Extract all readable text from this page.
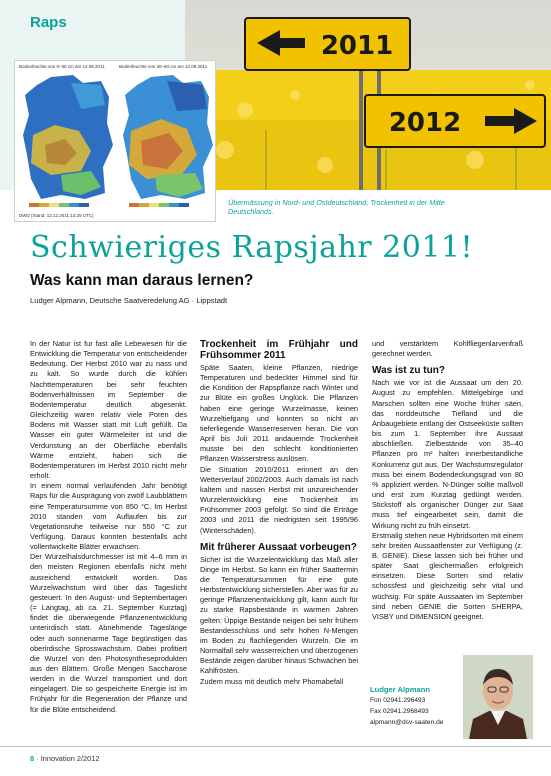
Raps
2011
2012
Bodenfeuchte von 0–30 cm am 12.08.2011	Bodenfeuchte von 30–60 cm am 12.08.2011
DWD (Stand: 12.12.2011 14:29 UTC)
Übermässung in Nord- und Ostdeutschland, Trockenheit in der Mitte Deutschlands.
Schwieriges Rapsjahr 2011!
Was kann man daraus lernen?
Ludger Alpmann, Deutsche Saatveredelung AG · Lippstadt

In der Natur ist fur fast alle Lebewesen für die Entwicklung die Temperatur von entscheidender Bedeutung. Der Herbst 2010 war zu nass und zu kalt. So wurde durch die kühlen Nachttemperaturen bei sehr feuchten Bodenverhältnissen im September die Bodentemperatur deutlich abgesenkt. Gleichzeitig waren relativ viele Poren des Bodens mit Wasser statt mit Luft gefüllt. Da Wasser ein guter Wärmeleiter ist und die Verdunstung an der Oberfläche ebenfalls Wärme entzieht, haben sich die Bodentemperaturen im Herbst 2010 nicht mehr erholt.

In einem normal verlaufenden Jahr benötigt Raps für die Ausprägung von zwölf Laubblättern eine Temperatursumme von 850 °C. Im Herbst 2010 standen vom Auflaufen bis zur Vegetationsruhe teilweise nur 550 °C zur Verfügung. Daraus konnten bestenfalls acht vollentwickelte Blätter erwachsen.

Der Wurzelhalsdurchmesser ist mit 4–6 mm in den meisten Regionen ebenfalls nicht mehr ausreichend entwickelt worden. Das Wurzelwachstum wird über das Tageslicht gesteuert. In den August- und Septembertagen (= Langtag, ab ca. 21. September Kurztag) findet die überwiegende Pflanzenentwicklung unterirdisch statt. Abnehmende Tageslänge oder auch sonnenarme Tage begünstigen das oberirdische Sprosswachstum. Dabei profitiert die Wurzel von den Photosyntheseprodukten aus den Blättern. Große Mengen Saccharose werden in die Wurzel transportiert und dort eingelagert. Die so gespeicherte Energie ist im Frühjahr für die Regeneration der Pflanze und für die Blüte entscheidend.

Trockenheit im Frühjahr und Frühsommer 2011

Späte Saaten, kleine Pflanzen, niedrige Temperaturen und bedeckter Himmel sind für die Kondition der Rapspflanze nach Winter und zur Blüte ein großes Unglück. Die Pflanzen haben eine geringe Wurzelmasse, keinen Wurzeltiefgang und konnten so nicht an tieferliegende Wasserreserven heran. Die von April bis Juli 2011 andauernde Trockenheit musste bei den schlecht konditionierten Pflanzen Wasserstress auslösen.

Die Situation 2010/2011 erinnert an den Wetterverlauf 2002/2003. Auch damals ist nach kaltem und nassen Herbst mit unzureichender Wurzelentwicklung eine Trockenheit im Frühsommer 2003 gefolgt. So sind die Erträge 2003 und 2011 die niedrigsten seit 1995/96 (Winterschäden).

Mit früherer Aussaat vorbeugen?

Sicher ist die Wurzelentwicklung das Maß aller Dinge im Herbst. So kann ein früher Saattermin die Temperatursummen für eine gute Herbstentwicklung sicherstellen. Aber was für zu geringe Pflanzenentwicklung gilt, kann auch für zu starke Rapsbestände in warmen Jahren gelten: Üppige Bestände neigen bei sehr frühem Bestandesschluss und sehr hohen N-Mengen im Boden zu flachliegenden Wurzeln. Die im Normalfall sehr wasserreichen und überzogenen Bestände zeigen darüber hinaus Schwächen bei Kahlfrösten.

Zudem muss mit deutlich mehr Phomabefall

und verstärktem Kohlfliegenlarvenfraß gerechnet werden.

Was ist zu tun?

Nach wie vor ist die Aussaat um den 20. August zu empfehlen. Mittelgebirge und Marschen sollten eine Woche früher säen, das norddeutsche Tiefland und die Anbaugebiete entlang der Ostseeküste sollten bis zum 1. September ihre Aussaat abschließen. Zielbestände von 35–40 Pflanzen pro m² halten innerbestandliche Konkurrenz gut aus. Der Wachstumsregulator muss bei einem Bodendeckungsgrad von 80 % appliziert werden. N-Dünger sollte maßvoll und erst zum Kurztag gedüngt werden. Stickstoff als organischer Dünger zur Saat muss tief eingearbeitet sein, damit die Wirkung nicht zu früh einsetzt.

Erstmalig stehen neue Hybridsorten mit einem sehr breiten Aussaatfenster zur Verfügung (z. B. GENIE). Diese lassen sich bei früher und später Saat gleichermaßen erfolgreich einsetzen. Diese Sorten sind relativ schossfest und gleichzeitig sehr vital und wüchsig. Für späte Aussaaten im September sind neben GENIE die Sorten SHERPA, VISBY und DIMENSION geeignet.

Ludger Alpmann
Fon 02941.296493
Fax 02941.2968493
alpmann@dsv-saaten.de
8 · Innovation 2/2012
